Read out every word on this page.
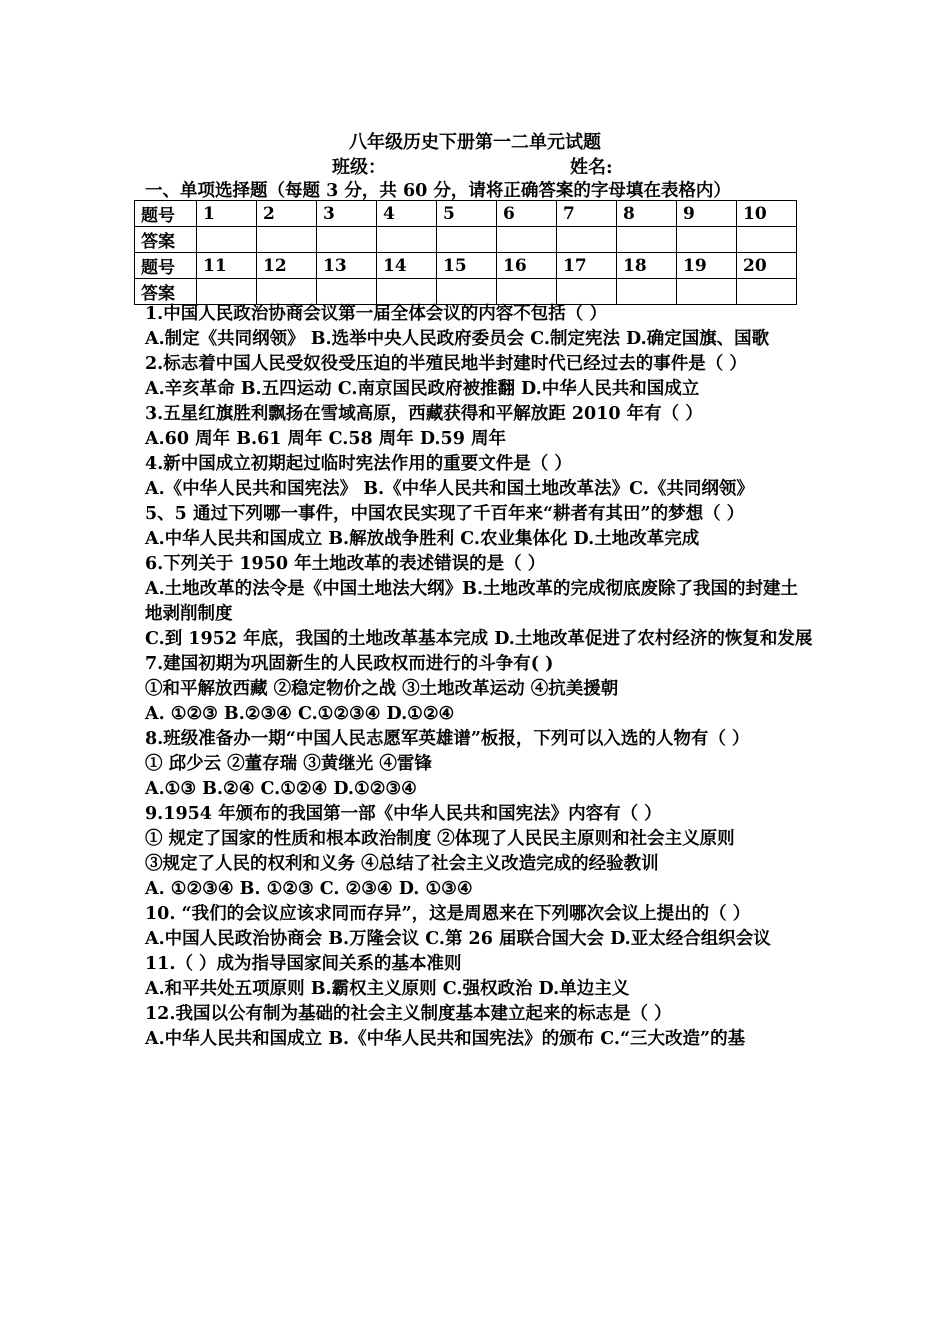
八年级历史下册第一二单元试题
班级：	姓名:
一、单项选择题（每题 3 分，共 60 分，请将正确答案的字母填在表格内）
题号	1	2	3	4	5	6	7	8	9	10
答案										
题号	11	12	13	14	15	16	17	18	19	20
答案										

1.中国人民政治协商会议第一届全体会议的内容不包括（ ）

A.制定《共同纲领》 B.选举中央人民政府委员会 C.制定宪法 D.确定国旗、国歌

2.标志着中国人民受奴役受压迫的半殖民地半封建时代已经过去的事件是（ ）

A.辛亥革命 B.五四运动 C.南京国民政府被推翻 D.中华人民共和国成立

3.五星红旗胜利飘扬在雪域高原，西藏获得和平解放距 2010 年有（ ）

A.60 周年 B.61 周年 C.58 周年 D.59 周年

4.新中国成立初期起过临时宪法作用的重要文件是（ ）

A.《中华人民共和国宪法》 B.《中华人民共和国土地改革法》C.《共同纲领》

5、5 通过下列哪一事件，中国农民实现了千百年来“耕者有其田”的梦想（ ）

A.中华人民共和国成立 B.解放战争胜利 C.农业集体化 D.土地改革完成

6.下列关于 1950 年土地改革的表述错误的是（ ）

A.土地改革的法令是《中国土地法大纲》B.土地改革的完成彻底废除了我国的封建土地剥削制度

C.到 1952 年底，我国的土地改革基本完成 D.土地改革促进了农村经济的恢复和发展

7.建国初期为巩固新生的人民政权而进行的斗争有( )

①和平解放西藏 ②稳定物价之战 ③土地改革运动 ④抗美援朝

A. ①②③ B.②③④ C.①②③④ D.①②④

8.班级准备办一期“中国人民志愿军英雄谱”板报，下列可以入选的人物有（ ）

① 邱少云 ②董存瑞 ③黄继光 ④雷锋

A.①③ B.②④ C.①②④ D.①②③④

9.1954 年颁布的我国第一部《中华人民共和国宪法》内容有（ ）

① 规定了国家的性质和根本政治制度 ②体现了人民民主原则和社会主义原则

③规定了人民的权利和义务 ④总结了社会主义改造完成的经验教训

A. ①②③④ B. ①②③ C. ②③④ D. ①③④

10. “我们的会议应该求同而存异”，这是周恩来在下列哪次会议上提出的（ ）

A.中国人民政治协商会 B.万隆会议 C.第 26 届联合国大会 D.亚太经合组织会议

11.（ ）成为指导国家间关系的基本准则

A.和平共处五项原则 B.霸权主义原则 C.强权政治 D.单边主义

12.我国以公有制为基础的社会主义制度基本建立起来的标志是（ ）

A.中华人民共和国成立 B.《中华人民共和国宪法》的颁布 C.“三大改造”的基
